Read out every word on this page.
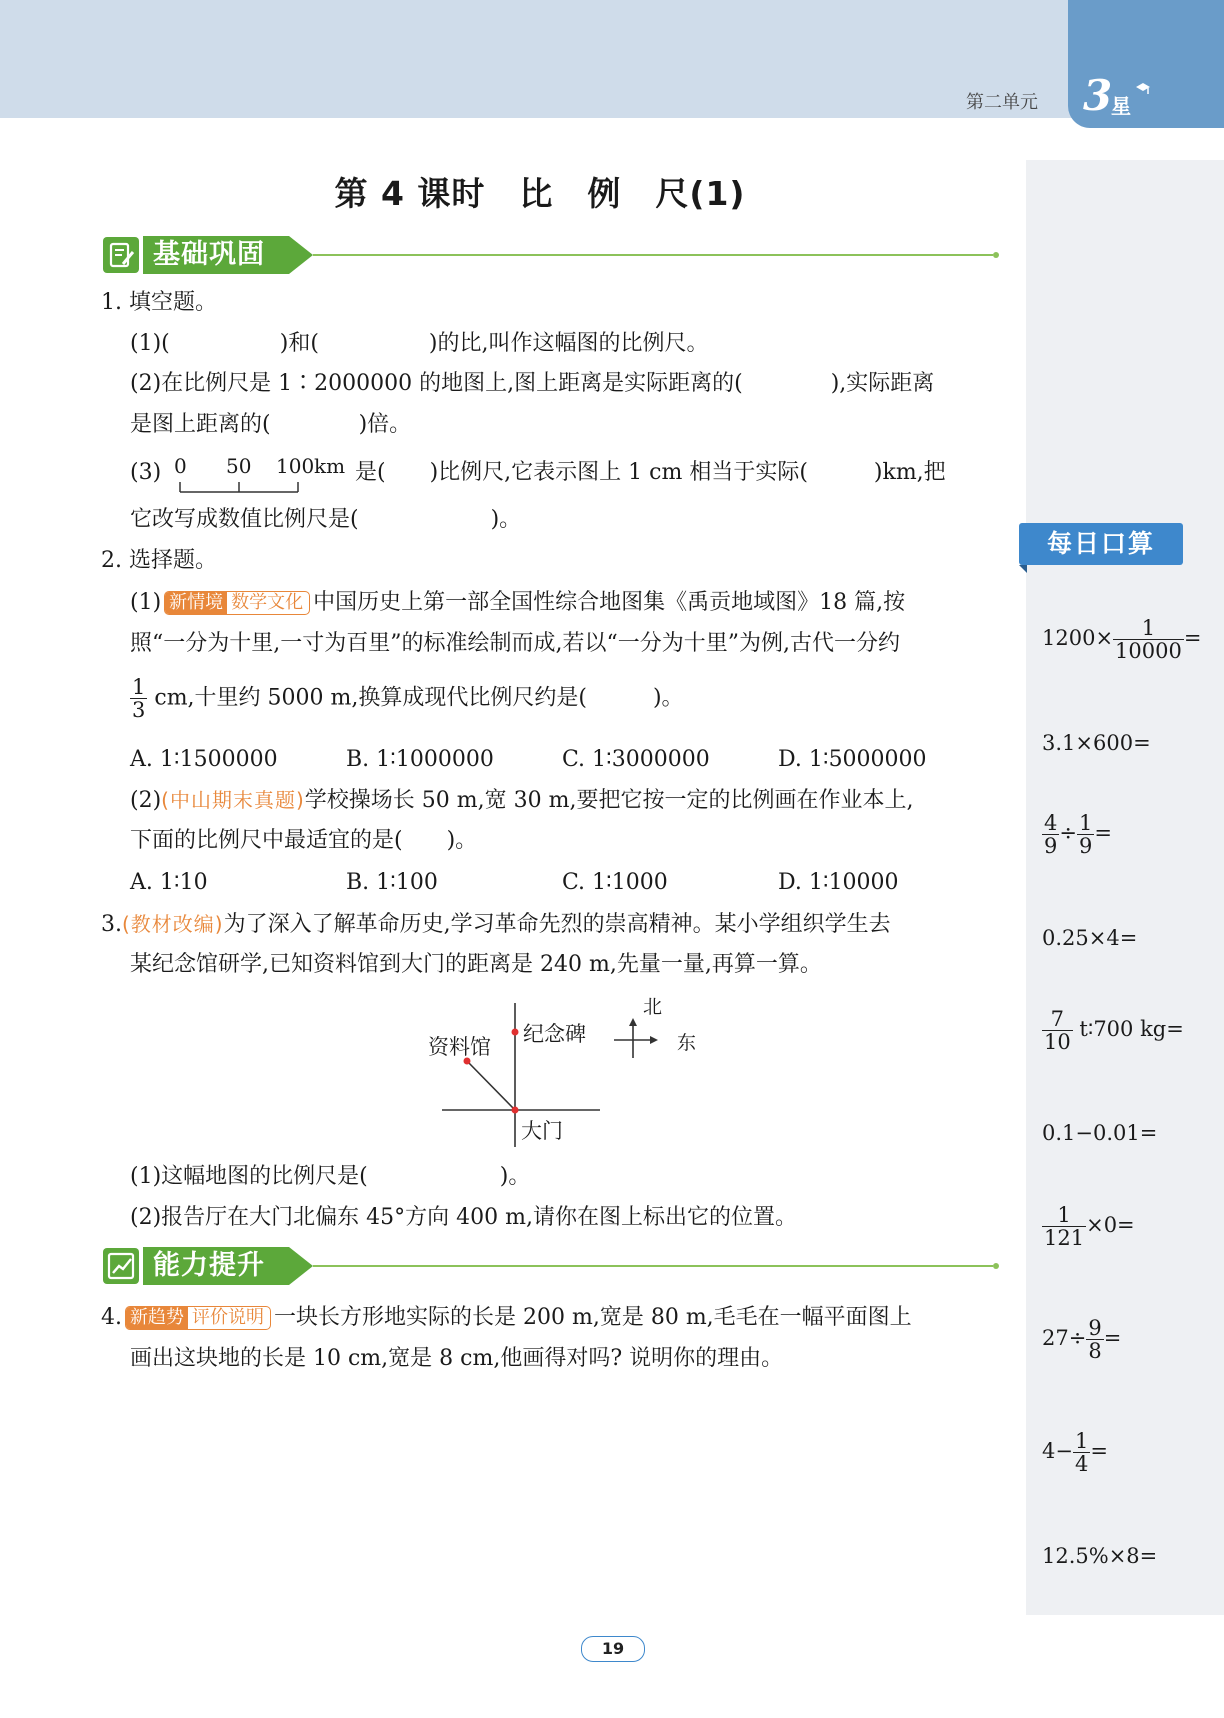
第二单元 3
星
每日口算
$1200\times \frac{1}{10000}$ =
3.1×600=
$\frac{4}{9} \div \frac{1}{9}$ =
0.25×4=
$\frac{7}{10}$ t∶700 kg=
0.1−0.01=
$\frac{1}{121} \times 0=$
$27\div \frac{9}{8}$ =
$4- \frac{1}{4}$ =
12.5%×8=
第 4 课时　比　例　尺(1)
基础巩固
1. 填空题。
(1)(　　　　　)和(　　　　　)的比,叫作这幅图的比例尺。
(2)在比例尺是 1∶2000000 的地图上,图上距离是实际距离的(　　　　),实际距离
是图上距离的(　　　　)倍。
(3) 0 50 100 km 是(　　)比例尺,它表示图上 1 cm 相当于实际(　　　)km,把
它改写成数值比例尺是(　　　　　　)。
2. 选择题。
(1) 新情境 数学文化 中国历史上第一部全国性综合地图集《禹贡地域图》18 篇,按
照“一分为十里,一寸为百里”的标准绘制而成,若以“一分为十里”为例,古代一分约
$\frac{1}{3}$ cm,十里约 5000 m,换算成现代比例尺约是(　　　)。
A. 1∶1500000	B. 1∶1000000	C. 1∶3000000	D. 1∶5000000
(2)(中山期末真题)学校操场长 50 m,宽 30 m,要把它按一定的比例画在作业本上,
下面的比例尺中最适宜的是(　　)。
A. 1∶10	B. 1∶100	C. 1∶1000	D. 1∶10000
3.(教材改编)为了深入了解革命历史,学习革命先烈的崇高精神。某小学组织学生去
某纪念馆研学,已知资料馆到大门的距离是 240 m,先量一量,再算一算。
资料馆
纪念碑
大门
北
东
(1)这幅地图的比例尺是(　　　　　　)。
(2)报告厅在大门北偏东 45°方向 400 m,请你在图上标出它的位置。
能力提升
4. 新趋势 评价说明 一块长方形地实际的长是 200 m,宽是 80 m,毛毛在一幅平面图上
画出这块地的长是 10 cm,宽是 8 cm,他画得对吗? 说明你的理由。
19
